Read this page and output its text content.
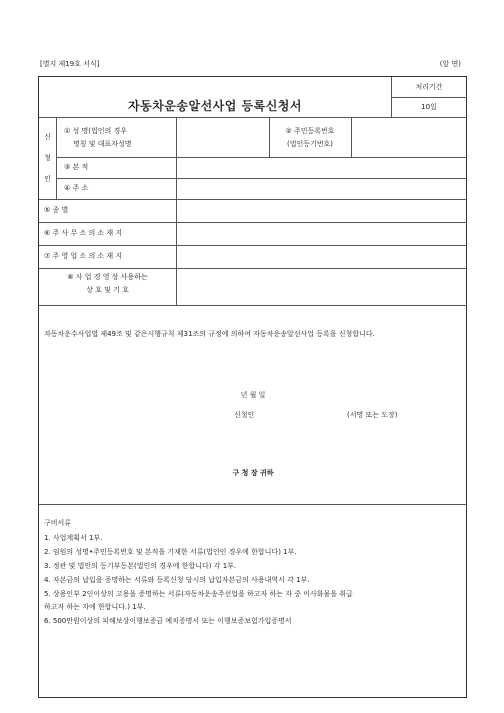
[별지 제19호 서식]	(앞 면)
자동차운송알선사업 등록신청서
처리기간
10일
신
청
인
① 성 명(법인의 경우
명칭 및 대표자성명
② 주민등록번호
(법인등기번호)
③ 본 적
④ 주 소
⑤ 종 별
⑥ 주 사 무 소 의 소 재 지
⑦ 주 영 업 소 의 소 재 지
⑧ 사 업 경 영 상 사용하는
상 호 및 기 호
자동차운수사업법 제49조 및 같은시행규칙 제31조의 규정에 의하여 자동차운송알선사업 등록을 신청합니다.
년 월 일
신청인	(서명 또는 도장)
구 청 장 귀하
구비서류
1. 사업계획서 1부.
2. 임원의 성명•주민등록번호 및 본적을 기재한 서류(법인인 경우에 한합니다) 1부.
3. 정관 및 법인의 등기부등본(법인의 경우에 한합니다) 각 1부.
4. 자본금의 납입을 증명하는 서류와 등록신청 당시의 납입자본금의 사용내역서 각 1부.
5. 상용인부 2인이상의 고용을 증명하는 서류(자동차운송주선업을 하고자 하는 자 중 이사화물을 취급
하고자 하는 자에 한합니다.) 1부.
6. 500만원이상의 피해보상이행보증금 예치증명서 또는 이행보증보험가입증명서
